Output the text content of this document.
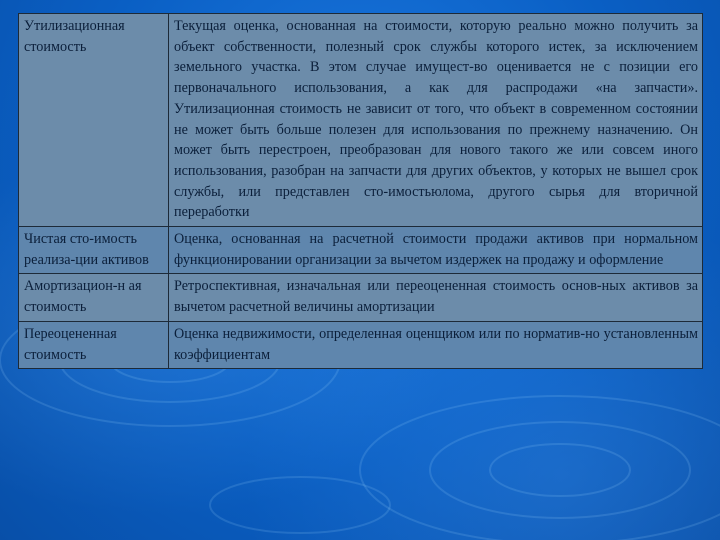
Утилизационная стоимость	Текущая оценка, основанная на стоимости, которую реально можно получить за объект собственности, полезный срок службы которого истек, за исключением земельного участка. В этом случае имущест-во оценивается не с позиции его первоначального использования, а как для распродажи «на запчасти». Утилизационная стоимость не зависит от того, что объект в современном состоянии не может быть больше полезен для использования по прежнему назначению. Он может быть перестроен, преобразован для нового такого же или совсем иного использования, разобран на запчасти для других объектов, у которых не вышел срок службы, или представлен сто-имостьюлома, другого сырья для вторичной переработки
Чистая сто-имость реализа-ции активов	Оценка, основанная на расчетной стоимости продажи активов при нормальном функционировании организации за вычетом издержек на продажу и оформление
Амортизацион-н ая стоимость	Ретроспективная, изначальная или переоцененная стоимость основ-ных активов за вычетом расчетной величины амортизации
Переоцененная стоимость	Оценка недвижимости, определенная оценщиком или по норматив-но установленным коэффициентам
